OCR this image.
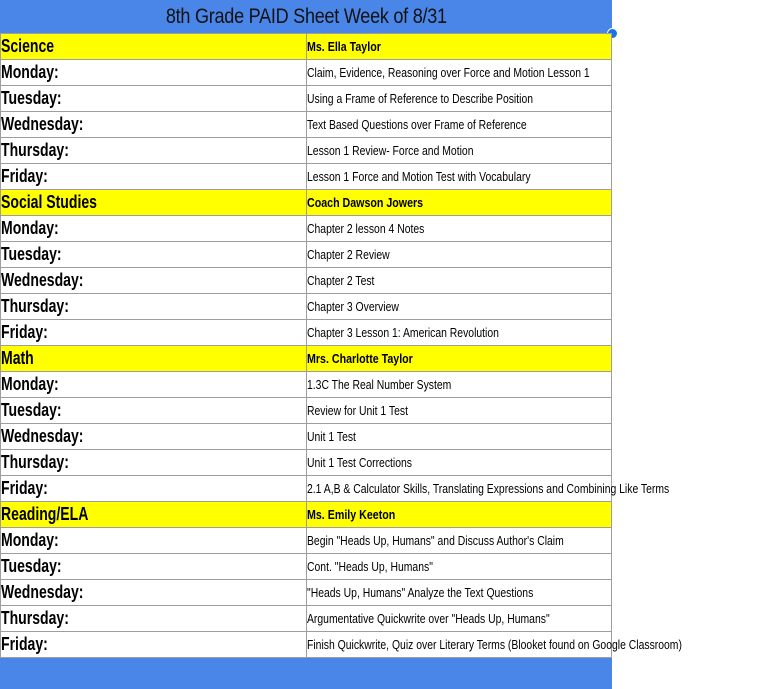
8th Grade PAID Sheet Week of 8/31
Science	Ms. Ella Taylor
Monday:	Claim, Evidence, Reasoning over Force and Motion Lesson 1
Tuesday:	Using a Frame of Reference to Describe Position
Wednesday:	Text Based Questions over Frame of Reference
Thursday:	Lesson 1 Review- Force and Motion
Friday:	Lesson 1 Force and Motion Test with Vocabulary
Social Studies	Coach Dawson Jowers
Monday:	Chapter 2 lesson 4 Notes
Tuesday:	Chapter 2 Review
Wednesday:	Chapter 2 Test
Thursday:	Chapter 3 Overview
Friday:	Chapter 3 Lesson 1: American Revolution
Math	Mrs. Charlotte Taylor
Monday:	1.3C The Real Number System
Tuesday:	Review for Unit 1 Test
Wednesday:	Unit 1 Test
Thursday:	Unit 1 Test Corrections
Friday:	2.1 A,B & Calculator Skills, Translating Expressions and Combining Like Terms
Reading/ELA	Ms. Emily Keeton
Monday:	Begin "Heads Up, Humans" and Discuss Author's Claim
Tuesday:	Cont. "Heads Up, Humans"
Wednesday:	"Heads Up, Humans" Analyze the Text Questions
Thursday:	Argumentative Quickwrite over "Heads Up, Humans"
Friday:	Finish Quickwrite, Quiz over Literary Terms (Blooket found on Google Classroom)
